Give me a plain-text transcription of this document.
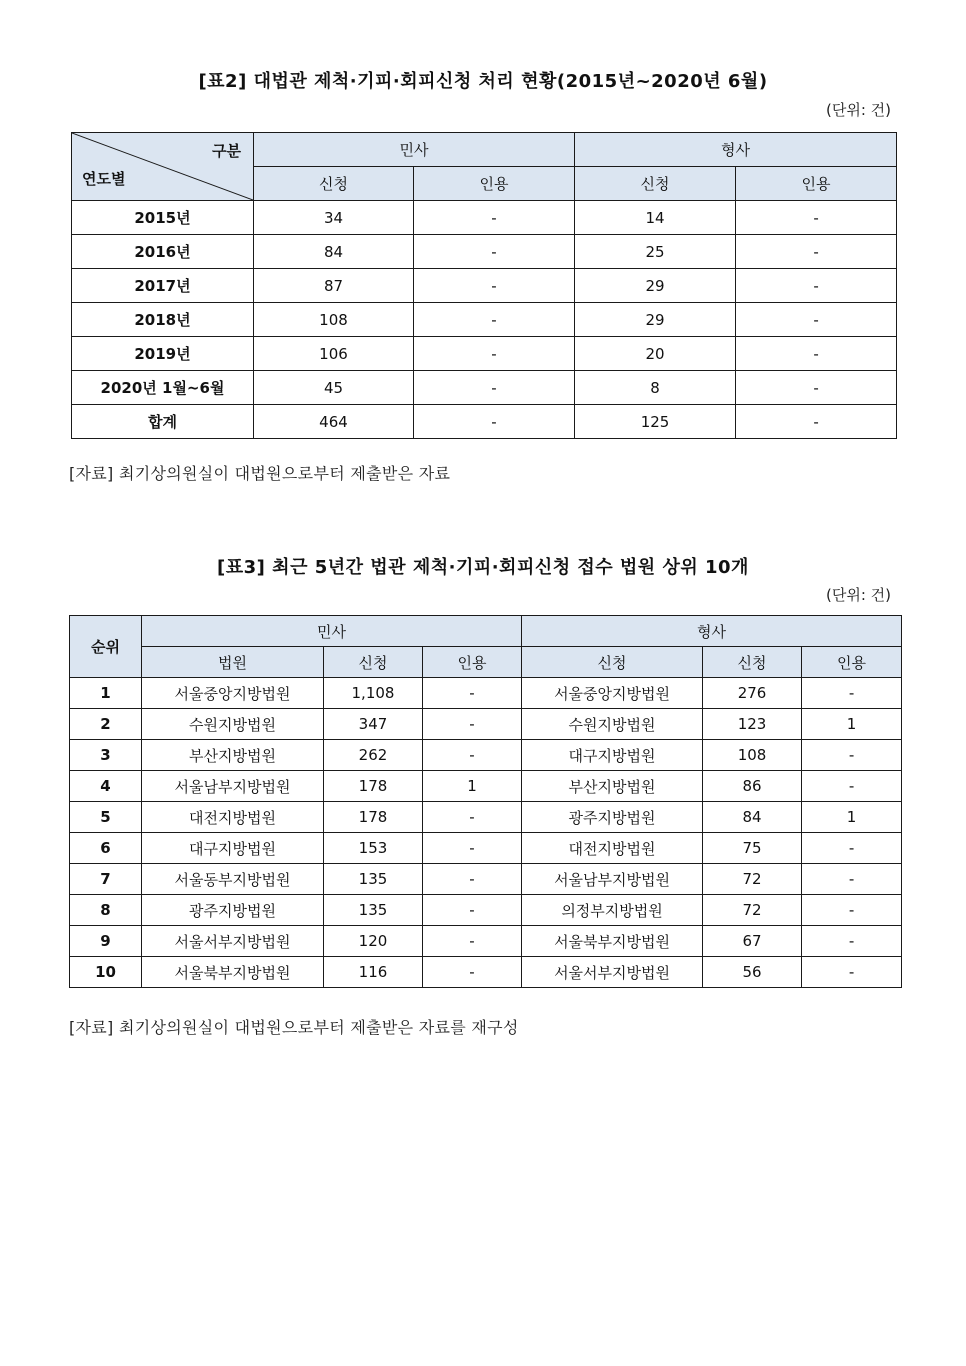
[표2] 대법관 제척·기피·회피신청 처리 현황(2015년~2020년 6월)
(단위: 건)
구분
연도별	민사		형사	
	신청	인용	신청	인용
2015년	34	-	14	-
2016년	84	-	25	-
2017년	87	-	29	-
2018년	108	-	29	-
2019년	106	-	20	-
2020년 1월~6월	45	-	8	-
합계	464	-	125	-
[자료] 최기상의원실이 대법원으로부터 제출받은 자료
[표3] 최근 5년간 법관 제척·기피·회피신청 접수 법원 상위 10개
(단위: 건)
순위	민사			형사		
	법원	신청	인용	신청	신청	인용
1	서울중앙지방법원	1,108	-	서울중앙지방법원	276	-
2	수원지방법원	347	-	수원지방법원	123	1
3	부산지방법원	262	-	대구지방법원	108	-
4	서울남부지방법원	178	1	부산지방법원	86	-
5	대전지방법원	178	-	광주지방법원	84	1
6	대구지방법원	153	-	대전지방법원	75	-
7	서울동부지방법원	135	-	서울남부지방법원	72	-
8	광주지방법원	135	-	의정부지방법원	72	-
9	서울서부지방법원	120	-	서울북부지방법원	67	-
10	서울북부지방법원	116	-	서울서부지방법원	56	-
[자료] 최기상의원실이 대법원으로부터 제출받은 자료를 재구성
